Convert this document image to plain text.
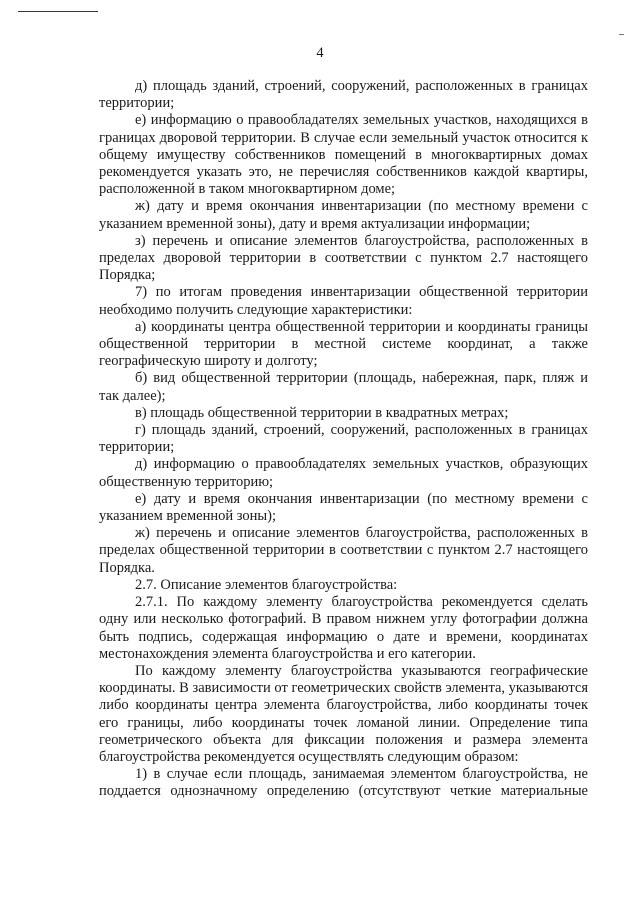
4

д) площадь зданий, строений, сооружений, расположенных в границах территории;

е) информацию о правообладателях земельных участков, находящихся в границах дворовой территории. В случае если земельный участок относится к общему имуществу собственников помещений в многоквартирных домах рекомендуется указать это, не перечисляя собственников каждой квартиры, расположенной в таком многоквартирном доме;

ж) дату и время окончания инвентаризации (по местному времени с указанием временной зоны), дату и время актуализации информации;

з) перечень и описание элементов благоустройства, расположенных в пределах дворовой территории в соответствии с пунктом 2.7 настоящего Порядка;

7) по итогам проведения инвентаризации общественной территории необходимо получить следующие характеристики:

а) координаты центра общественной территории и координаты границы общественной территории в местной системе координат, а также географическую широту и долготу;

б) вид общественной территории (площадь, набережная, парк, пляж и так далее);

в) площадь общественной территории в квадратных метрах;

г) площадь зданий, строений, сооружений, расположенных в границах территории;

д) информацию о правообладателях земельных участков, образующих общественную территорию;

е) дату и время окончания инвентаризации (по местному времени с указанием временной зоны);

ж) перечень и описание элементов благоустройства, расположенных в пределах общественной территории в соответствии с пунктом 2.7 настоящего Порядка.

2.7. Описание элементов благоустройства:

2.7.1. По каждому элементу благоустройства рекомендуется сделать одну или несколько фотографий. В правом нижнем углу фотографии должна быть подпись, содержащая информацию о дате и времени, координатах местонахождения элемента благоустройства и его категории.

По каждому элементу благоустройства указываются географические координаты. В зависимости от геометрических свойств элемента, указываются либо координаты центра элемента благоустройства, либо координаты точек его границы, либо координаты точек ломаной линии. Определение типа геометрического объекта для фиксации положения и размера элемента благоустройства рекомендуется осуществлять следующим образом:

1) в случае если площадь, занимаемая элементом благоустройства, не поддается однозначному определению (отсутствуют четкие материальные
